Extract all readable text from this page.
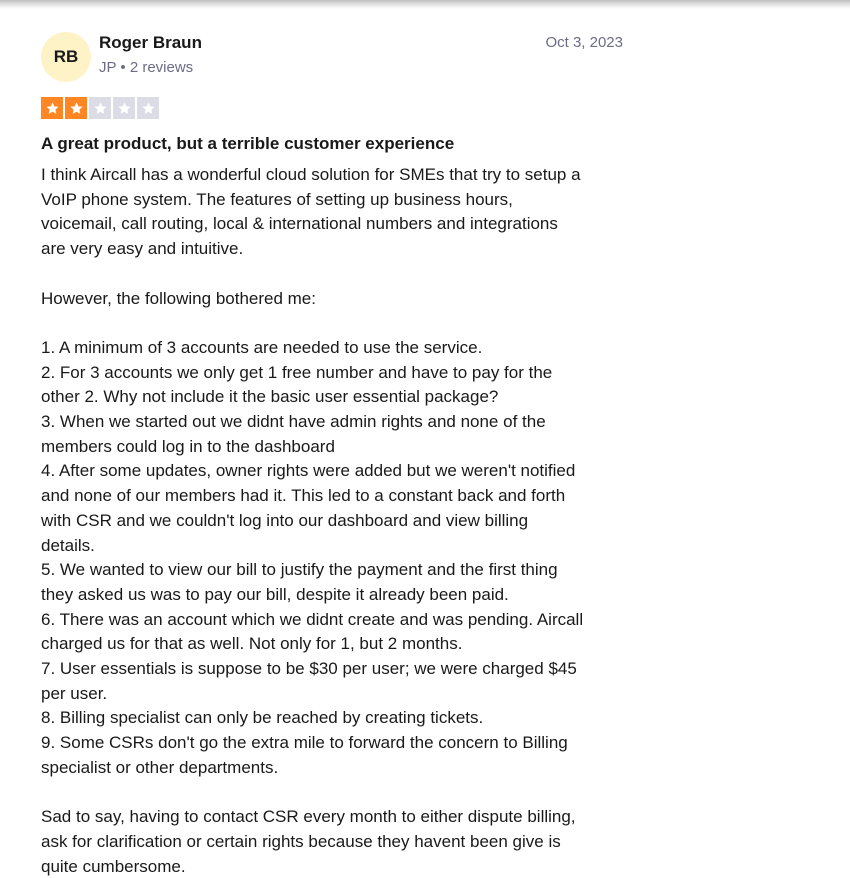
RB
Roger Braun
JP • 2 reviews
Oct 3, 2023
A great product, but a terrible customer experience
I think Aircall has a wonderful cloud solution for SMEs that try to setup a
VoIP phone system. The features of setting up business hours,
voicemail, call routing, local & international numbers and integrations
are very easy and intuitive.

However, the following bothered me:

1. A minimum of 3 accounts are needed to use the service.
2. For 3 accounts we only get 1 free number and have to pay for the
other 2. Why not include it the basic user essential package?
3. When we started out we didnt have admin rights and none of the
members could log in to the dashboard
4. After some updates, owner rights were added but we weren't notified
and none of our members had it. This led to a constant back and forth
with CSR and we couldn't log into our dashboard and view billing
details.
5. We wanted to view our bill to justify the payment and the first thing
they asked us was to pay our bill, despite it already been paid.
6. There was an account which we didnt create and was pending. Aircall
charged us for that as well. Not only for 1, but 2 months.
7. User essentials is suppose to be $30 per user; we were charged $45
per user.
8. Billing specialist can only be reached by creating tickets.
9. Some CSRs don't go the extra mile to forward the concern to Billing
specialist or other departments.

Sad to say, having to contact CSR every month to either dispute billing,
ask for clarification or certain rights because they havent been give is
quite cumbersome.
